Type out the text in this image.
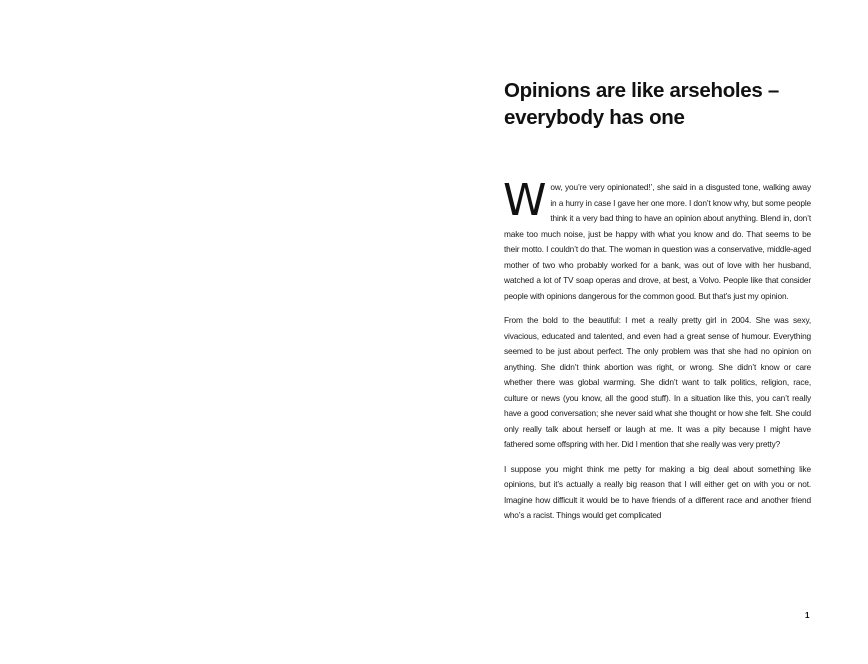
Opinions are like arseholes –
everybody has one

Wow, you’re very opinionated!’, she said in a disgusted tone, walking away in a hurry in case I gave her one more. I don’t know why, but some people think it a very bad thing to have an opinion about anything. Blend in, don’t make too much noise, just be happy with what you know and do. That seems to be their motto. I couldn’t do that. The woman in question was a conservative, middle-aged mother of two who probably worked for a bank, was out of love with her husband, watched a lot of TV soap operas and drove, at best, a Volvo. People like that consider people with opinions dangerous for the common good. But that’s just my opinion.

From the bold to the beautiful: I met a really pretty girl in 2004. She was sexy, vivacious, educated and talented, and even had a great sense of humour. Everything seemed to be just about perfect. The only problem was that she had no opinion on anything. She didn’t think abortion was right, or wrong. She didn’t know or care whether there was global warming. She didn’t want to talk politics, religion, race, culture or news (you know, all the good stuff). In a situation like this, you can’t really have a good conversation; she never said what she thought or how she felt. She could only really talk about herself or laugh at me. It was a pity because I might have fathered some offspring with her. Did I mention that she really was very pretty?

I suppose you might think me petty for making a big deal about something like opinions, but it’s actually a really big reason that I will either get on with you or not. Imagine how difficult it would be to have friends of a different race and another friend who’s a racist. Things would get complicated

1
